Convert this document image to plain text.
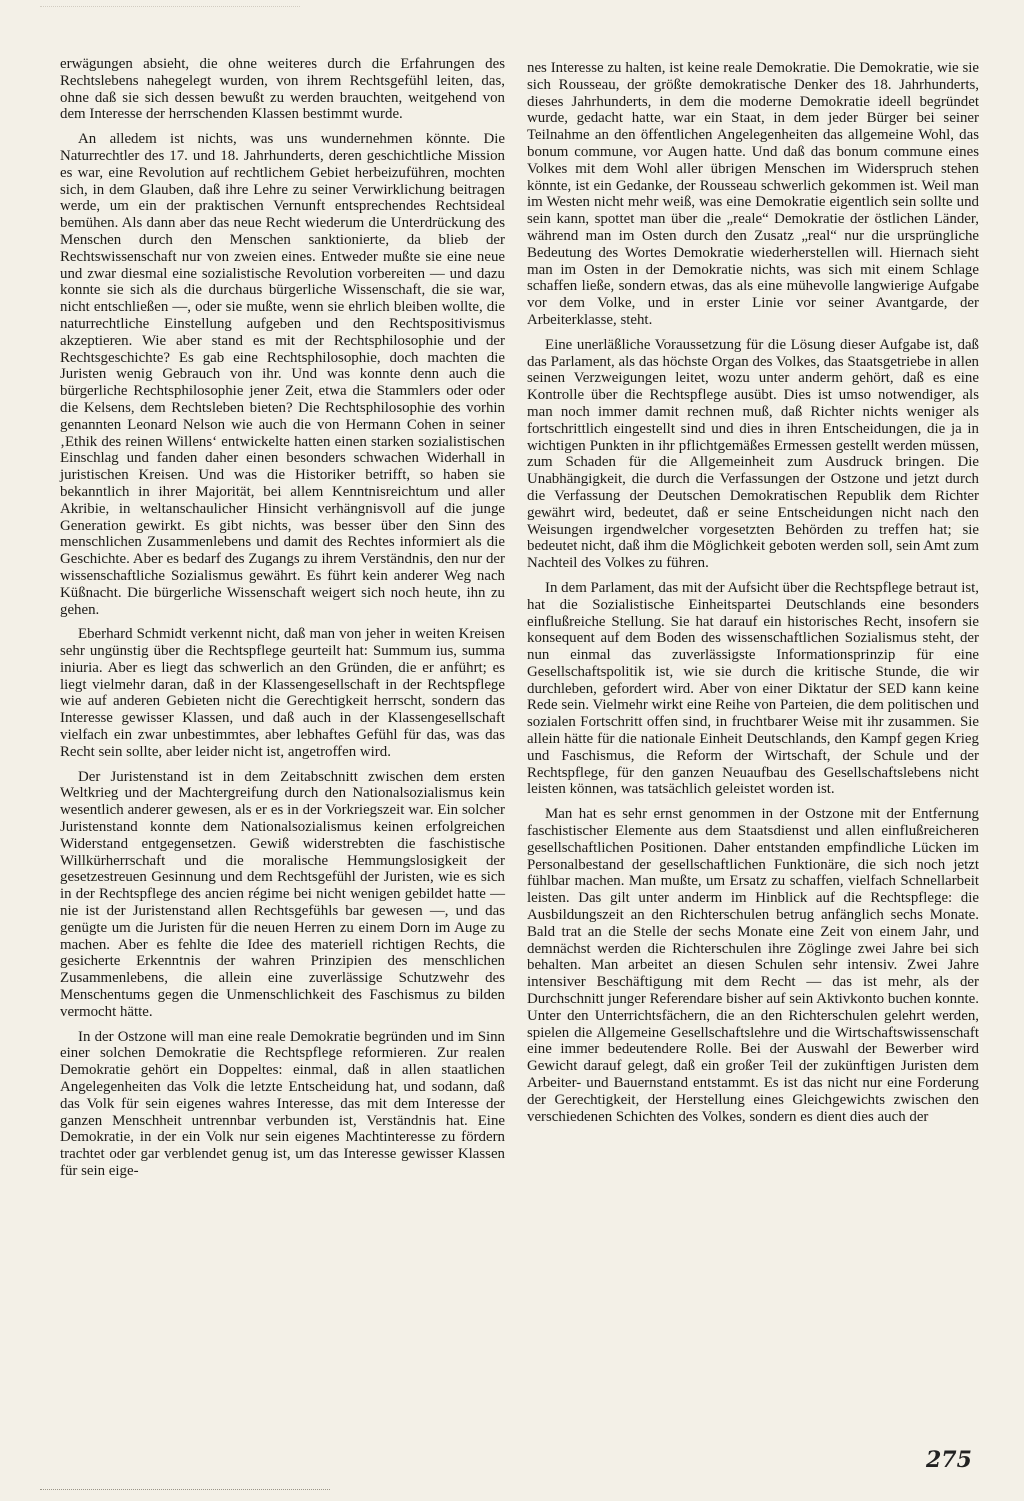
erwägungen absieht, die ohne weiteres durch die Erfahrungen des Rechtslebens nahegelegt wurden, von ihrem Rechtsgefühl leiten, das, ohne daß sie sich dessen bewußt zu werden brauchten, weitgehend von dem Interesse der herrschenden Klassen bestimmt wurde.

An alledem ist nichts, was uns wundernehmen könnte. Die Naturrechtler des 17. und 18. Jahrhunderts, deren geschichtliche Mission es war, eine Revolution auf rechtlichem Gebiet herbeizuführen, mochten sich, in dem Glauben, daß ihre Lehre zu seiner Verwirklichung beitragen werde, um ein der praktischen Vernunft entsprechendes Rechtsideal bemühen. Als dann aber das neue Recht wiederum die Unterdrückung des Menschen durch den Menschen sanktionierte, da blieb der Rechtswissenschaft nur von zweien eines. Entweder mußte sie eine neue und zwar diesmal eine sozialistische Revolution vorbereiten — und dazu konnte sie sich als die durchaus bürgerliche Wissenschaft, die sie war, nicht entschließen —, oder sie mußte, wenn sie ehrlich bleiben wollte, die naturrechtliche Einstellung aufgeben und den Rechtspositivismus akzeptieren. Wie aber stand es mit der Rechtsphilosophie und der Rechtsgeschichte? Es gab eine Rechtsphilosophie, doch machten die Juristen wenig Gebrauch von ihr. Und was konnte denn auch die bürgerliche Rechtsphilosophie jener Zeit, etwa die Stammlers oder oder die Kelsens, dem Rechtsleben bieten? Die Rechtsphilosophie des vorhin genannten Leonard Nelson wie auch die von Hermann Cohen in seiner ‚Ethik des reinen Willens‘ entwickelte hatten einen starken sozialistischen Einschlag und fanden daher einen besonders schwachen Widerhall in juristischen Kreisen. Und was die Historiker betrifft, so haben sie bekanntlich in ihrer Majorität, bei allem Kenntnisreichtum und aller Akribie, in weltanschaulicher Hinsicht verhängnisvoll auf die junge Generation gewirkt. Es gibt nichts, was besser über den Sinn des menschlichen Zusammenlebens und damit des Rechtes informiert als die Geschichte. Aber es bedarf des Zugangs zu ihrem Verständnis, den nur der wissenschaftliche Sozialismus gewährt. Es führt kein anderer Weg nach Küßnacht. Die bürgerliche Wissenschaft weigert sich noch heute, ihn zu gehen.

Eberhard Schmidt verkennt nicht, daß man von jeher in weiten Kreisen sehr ungünstig über die Rechtspflege geurteilt hat: Summum ius, summa iniuria. Aber es liegt das schwerlich an den Gründen, die er anführt; es liegt vielmehr daran, daß in der Klassengesellschaft in der Rechtspflege wie auf anderen Gebieten nicht die Gerechtigkeit herrscht, sondern das Interesse gewisser Klassen, und daß auch in der Klassengesellschaft vielfach ein zwar unbestimmtes, aber lebhaftes Gefühl für das, was das Recht sein sollte, aber leider nicht ist, angetroffen wird.

Der Juristenstand ist in dem Zeitabschnitt zwischen dem ersten Weltkrieg und der Machtergreifung durch den Nationalsozialismus kein wesentlich anderer gewesen, als er es in der Vorkriegszeit war. Ein solcher Juristenstand konnte dem Nationalsozialismus keinen erfolgreichen Widerstand entgegensetzen. Gewiß widerstrebten die faschistische Willkürherrschaft und die moralische Hemmungslosigkeit der gesetzestreuen Gesinnung und dem Rechtsgefühl der Juristen, wie es sich in der Rechtspflege des ancien régime bei nicht wenigen gebildet hatte — nie ist der Juristenstand allen Rechtsgefühls bar gewesen —, und das genügte um die Juristen für die neuen Herren zu einem Dorn im Auge zu machen. Aber es fehlte die Idee des materiell richtigen Rechts, die gesicherte Erkenntnis der wahren Prinzipien des menschlichen Zusammenlebens, die allein eine zuverlässige Schutzwehr des Menschentums gegen die Unmenschlichkeit des Faschismus zu bilden vermocht hätte.

In der Ostzone will man eine reale Demokratie begründen und im Sinn einer solchen Demokratie die Rechtspflege reformieren. Zur realen Demokratie gehört ein Doppeltes: einmal, daß in allen staatlichen Angelegenheiten das Volk die letzte Entscheidung hat, und sodann, daß das Volk für sein eigenes wahres Interesse, das mit dem Interesse der ganzen Menschheit untrennbar verbunden ist, Verständnis hat. Eine Demokratie, in der ein Volk nur sein eigenes Machtinteresse zu fördern trachtet oder gar verblendet genug ist, um das Interesse gewisser Klassen für sein eige-

nes Interesse zu halten, ist keine reale Demokratie. Die Demokratie, wie sie sich Rousseau, der größte demokratische Denker des 18. Jahrhunderts, dieses Jahrhunderts, in dem die moderne Demokratie ideell begründet wurde, gedacht hatte, war ein Staat, in dem jeder Bürger bei seiner Teilnahme an den öffentlichen Angelegenheiten das allgemeine Wohl, das bonum commune, vor Augen hatte. Und daß das bonum commune eines Volkes mit dem Wohl aller übrigen Menschen im Widerspruch stehen könnte, ist ein Gedanke, der Rousseau schwerlich gekommen ist. Weil man im Westen nicht mehr weiß, was eine Demokratie eigentlich sein sollte und sein kann, spottet man über die „reale“ Demokratie der östlichen Länder, während man im Osten durch den Zusatz „real“ nur die ursprüngliche Bedeutung des Wortes Demokratie wiederherstellen will. Hiernach sieht man im Osten in der Demokratie nichts, was sich mit einem Schlage schaffen ließe, sondern etwas, das als eine mühevolle langwierige Aufgabe vor dem Volke, und in erster Linie vor seiner Avantgarde, der Arbeiterklasse, steht.

Eine unerläßliche Voraussetzung für die Lösung dieser Aufgabe ist, daß das Parlament, als das höchste Organ des Volkes, das Staatsgetriebe in allen seinen Verzweigungen leitet, wozu unter anderm gehört, daß es eine Kontrolle über die Rechtspflege ausübt. Dies ist umso notwendiger, als man noch immer damit rechnen muß, daß Richter nichts weniger als fortschrittlich eingestellt sind und dies in ihren Entscheidungen, die ja in wichtigen Punkten in ihr pflichtgemäßes Ermessen gestellt werden müssen, zum Schaden für die Allgemeinheit zum Ausdruck bringen. Die Unabhängigkeit, die durch die Verfassungen der Ostzone und jetzt durch die Verfassung der Deutschen Demokratischen Republik dem Richter gewährt wird, bedeutet, daß er seine Entscheidungen nicht nach den Weisungen irgendwelcher vorgesetzten Behörden zu treffen hat; sie bedeutet nicht, daß ihm die Möglichkeit geboten werden soll, sein Amt zum Nachteil des Volkes zu führen.

In dem Parlament, das mit der Aufsicht über die Rechtspflege betraut ist, hat die Sozialistische Einheitspartei Deutschlands eine besonders einflußreiche Stellung. Sie hat darauf ein historisches Recht, insofern sie konsequent auf dem Boden des wissenschaftlichen Sozialismus steht, der nun einmal das zuverlässigste Informationsprinzip für eine Gesellschaftspolitik ist, wie sie durch die kritische Stunde, die wir durchleben, gefordert wird. Aber von einer Diktatur der SED kann keine Rede sein. Vielmehr wirkt eine Reihe von Parteien, die dem politischen und sozialen Fortschritt offen sind, in fruchtbarer Weise mit ihr zusammen. Sie allein hätte für die nationale Einheit Deutschlands, den Kampf gegen Krieg und Faschismus, die Reform der Wirtschaft, der Schule und der Rechtspflege, für den ganzen Neuaufbau des Gesellschaftslebens nicht leisten können, was tatsächlich geleistet worden ist.

Man hat es sehr ernst genommen in der Ostzone mit der Entfernung faschistischer Elemente aus dem Staatsdienst und allen einflußreicheren gesellschaftlichen Positionen. Daher entstanden empfindliche Lücken im Personalbestand der gesellschaftlichen Funktionäre, die sich noch jetzt fühlbar machen. Man mußte, um Ersatz zu schaffen, vielfach Schnellarbeit leisten. Das gilt unter anderm im Hinblick auf die Rechtspflege: die Ausbildungszeit an den Richterschulen betrug anfänglich sechs Monate. Bald trat an die Stelle der sechs Monate eine Zeit von einem Jahr, und demnächst werden die Richterschulen ihre Zöglinge zwei Jahre bei sich behalten. Man arbeitet an diesen Schulen sehr intensiv. Zwei Jahre intensiver Beschäftigung mit dem Recht — das ist mehr, als der Durchschnitt junger Referendare bisher auf sein Aktivkonto buchen konnte. Unter den Unterrichtsfächern, die an den Richterschulen gelehrt werden, spielen die Allgemeine Gesellschaftslehre und die Wirtschaftswissenschaft eine immer bedeutendere Rolle. Bei der Auswahl der Bewerber wird Gewicht darauf gelegt, daß ein großer Teil der zukünftigen Juristen dem Arbeiter- und Bauernstand entstammt. Es ist das nicht nur eine Forderung der Gerechtigkeit, der Herstellung eines Gleichgewichts zwischen den verschiedenen Schichten des Volkes, sondern es dient dies auch der

275
